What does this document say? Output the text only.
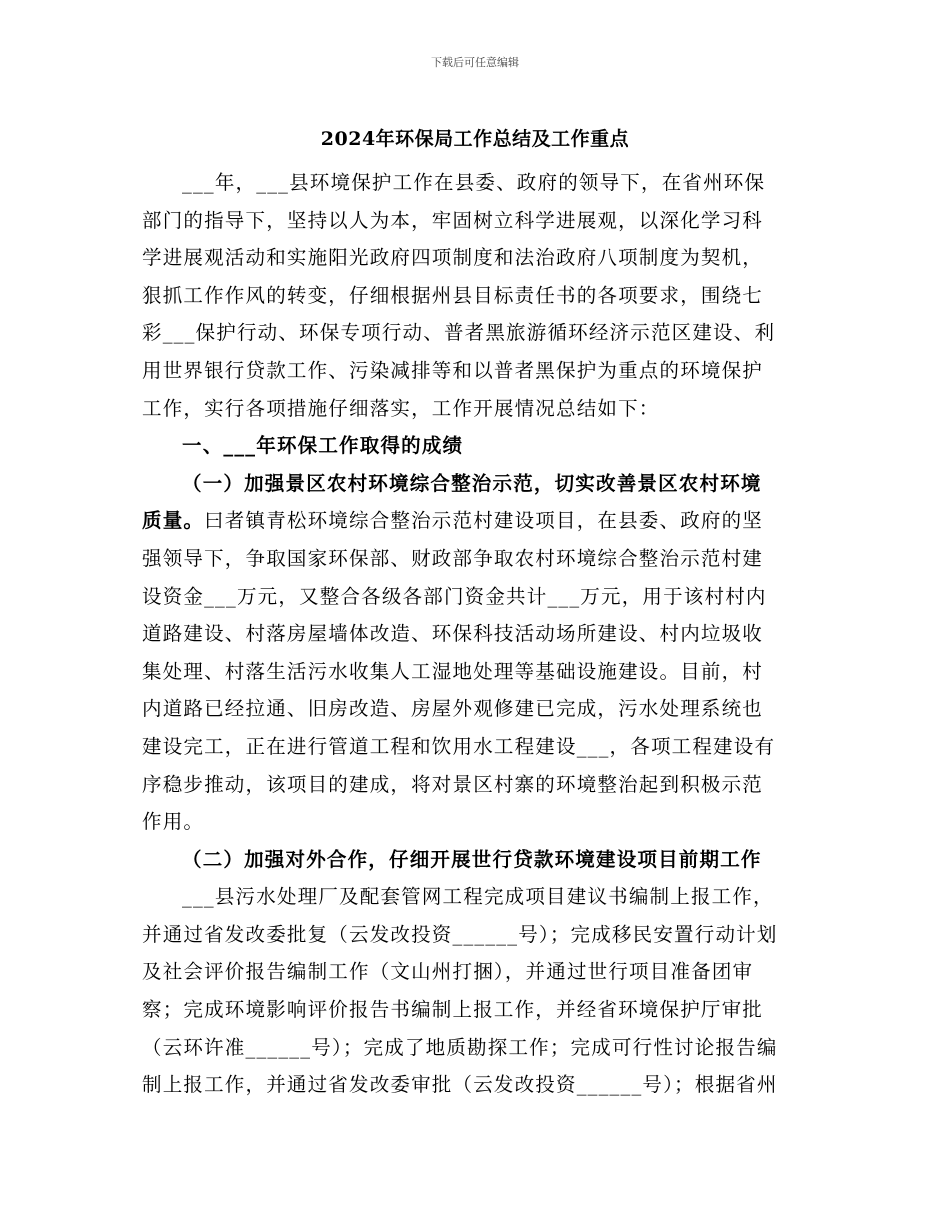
下载后可任意编辑
2024年环保局工作总结及工作重点
___年，___县环境保护工作在县委、政府的领导下，在省州环保
部门的指导下，坚持以人为本，牢固树立科学进展观，以深化学习科
学进展观活动和实施阳光政府四项制度和法治政府八项制度为契机，
狠抓工作作风的转变，仔细根据州县目标责任书的各项要求，围绕七
彩___保护行动、环保专项行动、普者黑旅游循环经济示范区建设、利
用世界银行贷款工作、污染减排等和以普者黑保护为重点的环境保护
工作，实行各项措施仔细落实，工作开展情况总结如下：
一、___年环保工作取得的成绩
（一）加强景区农村环境综合整治示范，切实改善景区农村环境
质量。曰者镇青松环境综合整治示范村建设项目，在县委、政府的坚
强领导下，争取国家环保部、财政部争取农村环境综合整治示范村建
设资金___万元，又整合各级各部门资金共计___万元，用于该村村内
道路建设、村落房屋墙体改造、环保科技活动场所建设、村内垃圾收
集处理、村落生活污水收集人工湿地处理等基础设施建设。目前，村
内道路已经拉通、旧房改造、房屋外观修建已完成，污水处理系统也
建设完工，正在进行管道工程和饮用水工程建设___，各项工程建设有
序稳步推动，该项目的建成，将对景区村寨的环境整治起到积极示范
作用。
（二）加强对外合作，仔细开展世行贷款环境建设项目前期工作
___县污水处理厂及配套管网工程完成项目建议书编制上报工作，
并通过省发改委批复（云发改投资______号）；完成移民安置行动计划
及社会评价报告编制工作（文山州打捆），并通过世行项目准备团审
察；完成环境影响评价报告书编制上报工作，并经省环境保护厅审批
（云环许准______号）；完成了地质勘探工作；完成可行性讨论报告编
制上报工作，并通过省发改委审批（云发改投资______号）；根据省州
